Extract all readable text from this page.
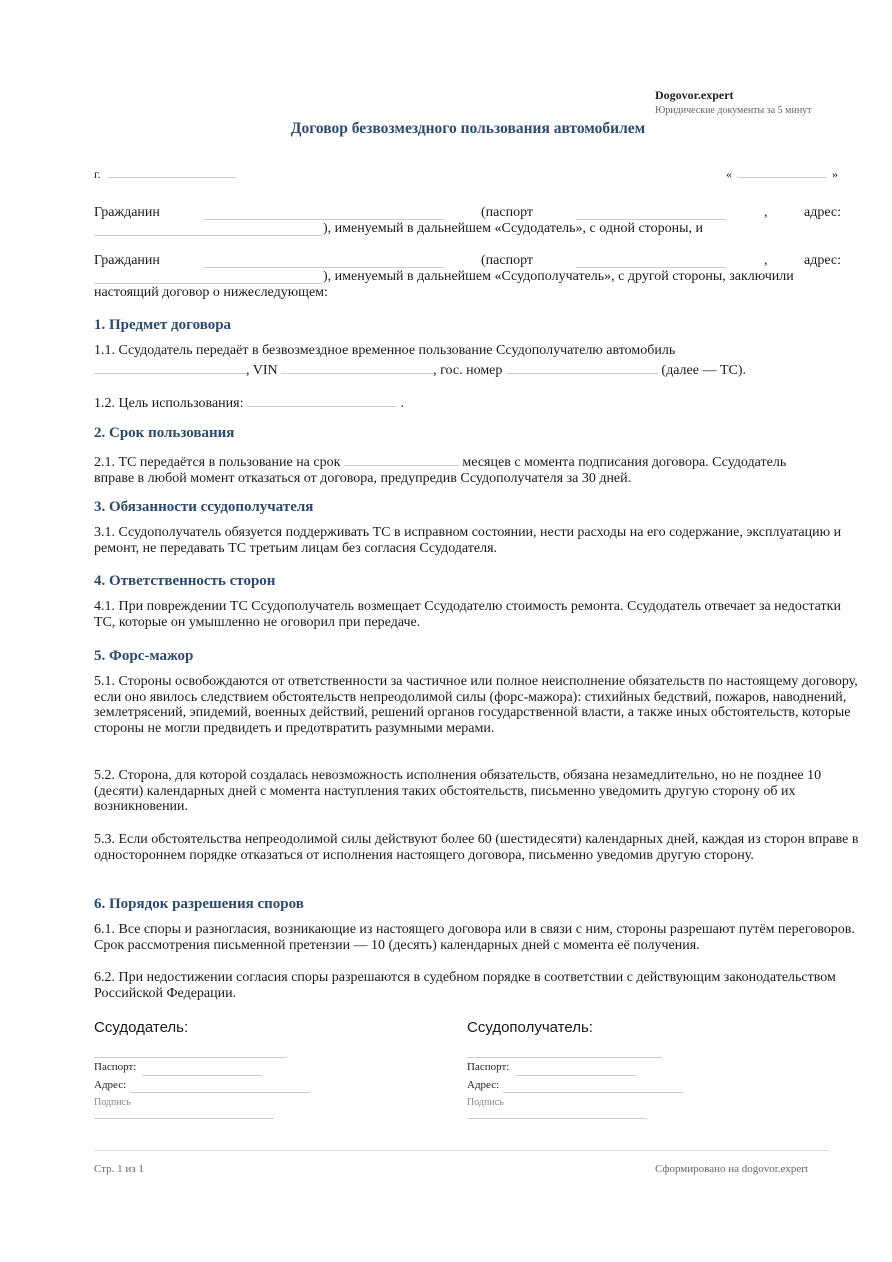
Dogovor.expert
Юридические документы за 5 минут
Договор безвозмездного пользования автомобилем
г.	«	»
Гражданин	(паспорт	,	адрес:
), именуемый в дальнейшем «Ссудодатель», с одной стороны, и
Гражданин	(паспорт	,	адрес:
), именуемый в дальнейшем «Ссудополучатель», с другой стороны, заключили
настоящий договор о нижеследующем:
1. Предмет договора
1.1. Ссудодатель передаёт в безвозмездное временное пользование Ссудополучателю автомобиль
, VIN	, гос. номер	(далее — ТС).
1.2. Цель использования:	.
2. Срок пользования
2.1. ТС передаётся в пользование на срок	месяцев с момента подписания договора. Ссудодатель
вправе в любой момент отказаться от договора, предупредив Ссудополучателя за 30 дней.
3. Обязанности ссудополучателя
3.1. Ссудополучатель обязуется поддерживать ТС в исправном состоянии, нести расходы на его содержание, эксплуатацию и ремонт, не передавать ТС третьим лицам без согласия Ссудодателя.
4. Ответственность сторон
4.1. При повреждении ТС Ссудополучатель возмещает Ссудодателю стоимость ремонта. Ссудодатель отвечает за недостатки ТС, которые он умышленно не оговорил при передаче.
5. Форс-мажор
5.1. Стороны освобождаются от ответственности за частичное или полное неисполнение обязательств по настоящему договору, если оно явилось следствием обстоятельств непреодолимой силы (форс-мажора): стихийных бедствий, пожаров, наводнений, землетрясений, эпидемий, военных действий, решений органов государственной власти, а также иных обстоятельств, которые стороны не могли предвидеть и предотвратить разумными мерами.
5.2. Сторона, для которой создалась невозможность исполнения обязательств, обязана незамедлительно, но не позднее 10 (десяти) календарных дней с момента наступления таких обстоятельств, письменно уведомить другую сторону об их возникновении.
5.3. Если обстоятельства непреодолимой силы действуют более 60 (шестидесяти) календарных дней, каждая из сторон вправе в одностороннем порядке отказаться от исполнения настоящего договора, письменно уведомив другую сторону.
6. Порядок разрешения споров
6.1. Все споры и разногласия, возникающие из настоящего договора или в связи с ним, стороны разрешают путём переговоров. Срок рассмотрения письменной претензии — 10 (десять) календарных дней с момента её получения.
6.2. При недостижении согласия споры разрешаются в судебном порядке в соответствии с действующим законодательством Российской Федерации.
Ссудодатель:
Паспорт:
Адрес:
Подпись
Ссудополучатель:
Паспорт:
Адрес:
Подпись
Стр. 1 из 1	Сформировано на dogovor.expert
